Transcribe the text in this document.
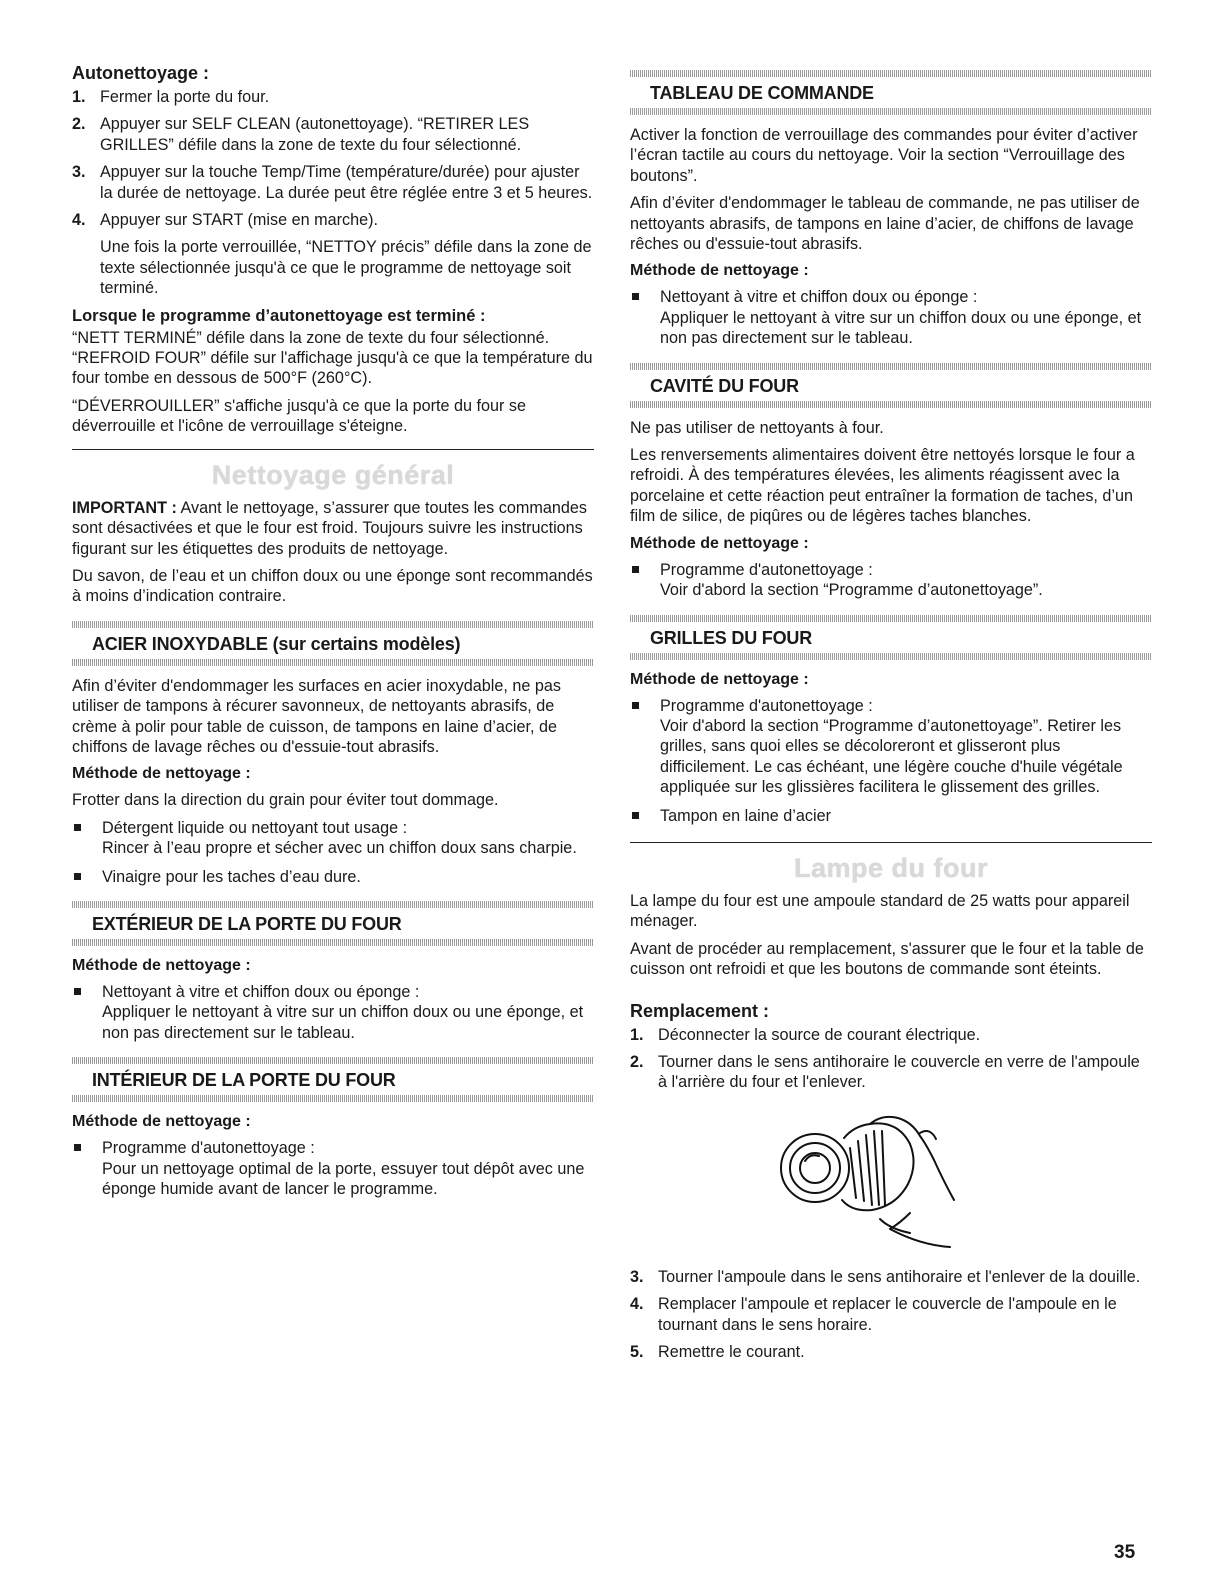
Autonettoyage :
1. Fermer la porte du four.
2. Appuyer sur SELF CLEAN (autonettoyage). “RETIRER LES GRILLES” défile dans la zone de texte du four sélectionné.
3. Appuyer sur la touche Temp/Time (température/durée) pour ajuster la durée de nettoyage. La durée peut être réglée entre 3 et 5 heures.
4. Appuyer sur START (mise en marche).
Une fois la porte verrouillée, “NETTOY précis” défile dans la zone de texte sélectionnée jusqu'à ce que le programme de nettoyage soit terminé.
Lorsque le programme d’autonettoyage est terminé :

“NETT TERMINÉ” défile dans la zone de texte du four sélectionné. “REFROID FOUR” défile sur l'affichage jusqu'à ce que la température du four tombe en dessous de 500°F (260°C).

“DÉVERROUILLER” s'affiche jusqu'à ce que la porte du four se déverrouille et l'icône de verrouillage s'éteigne.

Nettoyage général

IMPORTANT : Avant le nettoyage, s’assurer que toutes les commandes sont désactivées et que le four est froid. Toujours suivre les instructions figurant sur les étiquettes des produits de nettoyage.

Du savon, de l’eau et un chiffon doux ou une éponge sont recommandés à moins d’indication contraire.

ACIER INOXYDABLE (sur certains modèles)

Afin d’éviter d'endommager les surfaces en acier inoxydable, ne pas utiliser de tampons à récurer savonneux, de nettoyants abrasifs, de crème à polir pour table de cuisson, de tampons en laine d’acier, de chiffons de lavage rêches ou d'essuie-tout abrasifs.

Méthode de nettoyage :

Frotter dans la direction du grain pour éviter tout dommage.

Détergent liquide ou nettoyant tout usage :
Rincer à l’eau propre et sécher avec un chiffon doux sans charpie.
Vinaigre pour les taches d’eau dure.
EXTÉRIEUR DE LA PORTE DU FOUR
Méthode de nettoyage :
Nettoyant à vitre et chiffon doux ou éponge :
Appliquer le nettoyant à vitre sur un chiffon doux ou une éponge, et non pas directement sur le tableau.
INTÉRIEUR DE LA PORTE DU FOUR
Méthode de nettoyage :
Programme d'autonettoyage :
Pour un nettoyage optimal de la porte, essuyer tout dépôt avec une éponge humide avant de lancer le programme.
TABLEAU DE COMMANDE

Activer la fonction de verrouillage des commandes pour éviter d’activer l’écran tactile au cours du nettoyage. Voir la section “Verrouillage des boutons”.

Afin d’éviter d'endommager le tableau de commande, ne pas utiliser de nettoyants abrasifs, de tampons en laine d’acier, de chiffons de lavage rêches ou d'essuie-tout abrasifs.

Méthode de nettoyage :
Nettoyant à vitre et chiffon doux ou éponge :
Appliquer le nettoyant à vitre sur un chiffon doux ou une éponge, et non pas directement sur le tableau.
CAVITÉ DU FOUR

Ne pas utiliser de nettoyants à four.

Les renversements alimentaires doivent être nettoyés lorsque le four a refroidi. À des températures élevées, les aliments réagissent avec la porcelaine et cette réaction peut entraîner la formation de taches, d’un film de silice, de piqûres ou de légères taches blanches.

Méthode de nettoyage :
Programme d'autonettoyage :
Voir d'abord la section “Programme d’autonettoyage”.
GRILLES DU FOUR
Méthode de nettoyage :
Programme d'autonettoyage :
Voir d'abord la section “Programme d’autonettoyage”. Retirer les grilles, sans quoi elles se décoloreront et glisseront plus difficilement. Le cas échéant, une légère couche d'huile végétale appliquée sur les glissières facilitera le glissement des grilles.
Tampon en laine d’acier
Lampe du four

La lampe du four est une ampoule standard de 25 watts pour appareil ménager.

Avant de procéder au remplacement, s'assurer que le four et la table de cuisson ont refroidi et que les boutons de commande sont éteints.

Remplacement :
1. Déconnecter la source de courant électrique.
2. Tourner dans le sens antihoraire le couvercle en verre de l'ampoule à l'arrière du four et l'enlever.
3. Tourner l'ampoule dans le sens antihoraire et l'enlever de la douille.
4. Remplacer l'ampoule et replacer le couvercle de l'ampoule en le tournant dans le sens horaire.
5. Remettre le courant.
35
